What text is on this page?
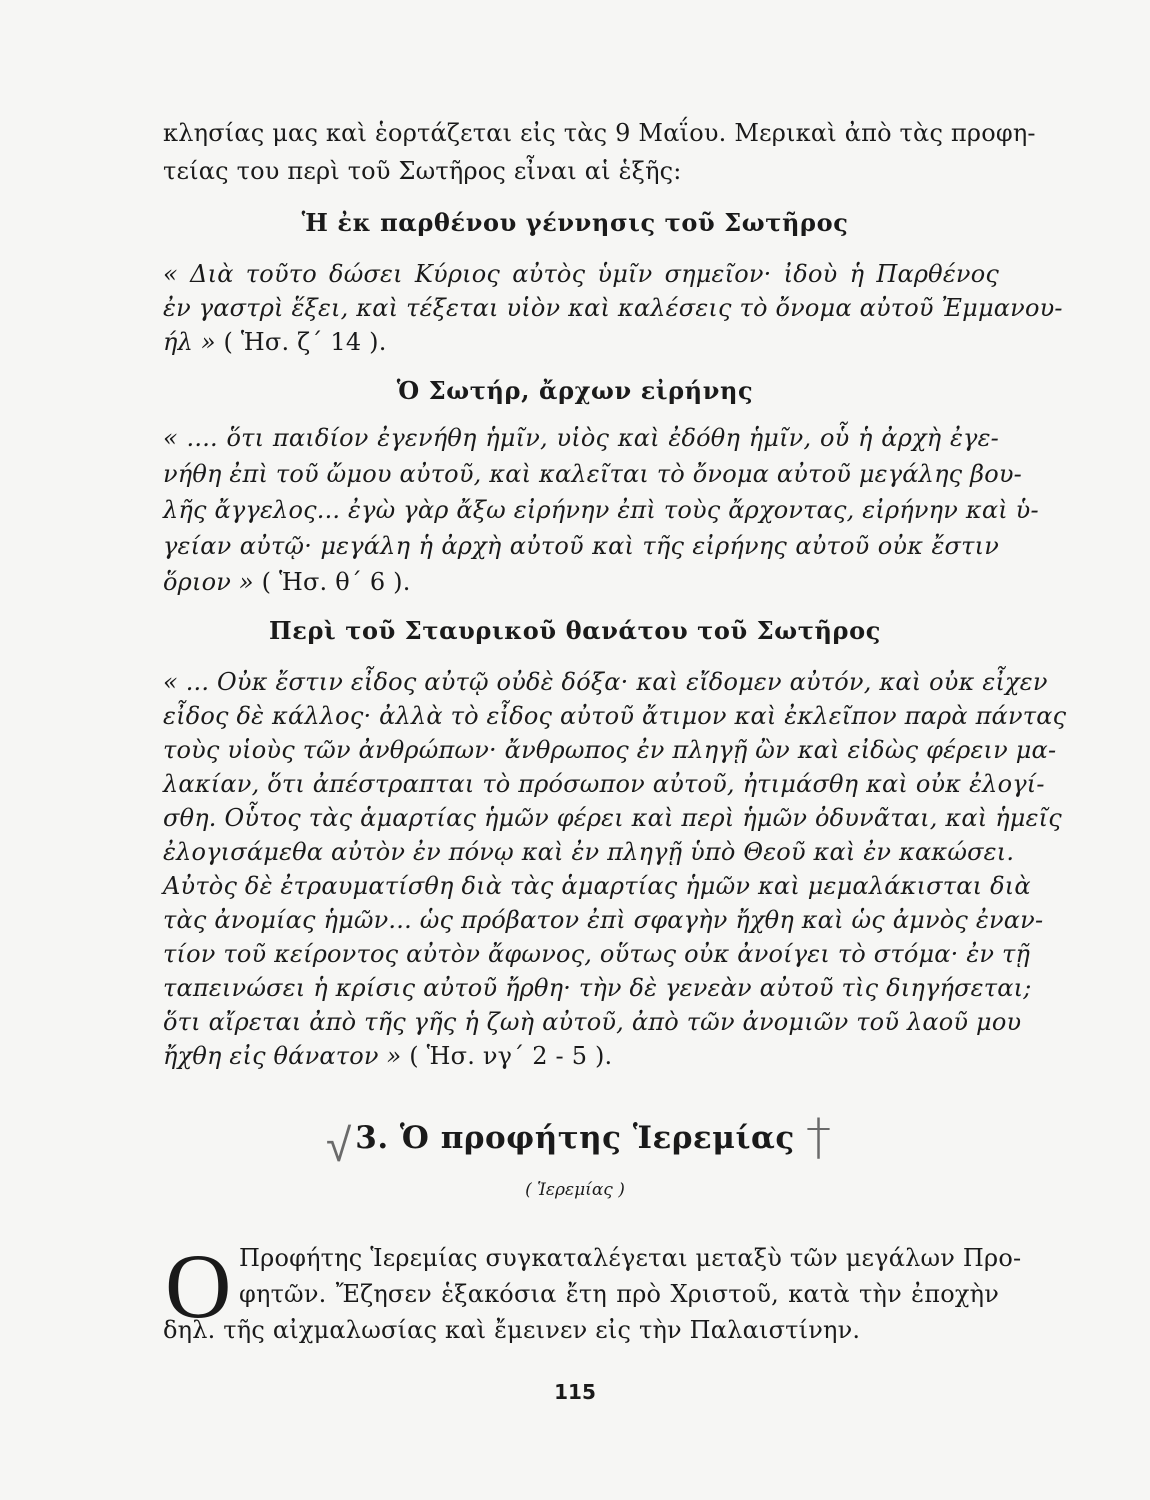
κλησίας μας καὶ ἑορτάζεται εἰς τὰς 9 Μαΐου. Μερικαὶ ἀπὸ τὰς προφη-
τείας του περὶ τοῦ Σωτῆρος εἶναι αἱ ἑξῆς:
Ἡ ἐκ παρθένου γέννησις τοῦ Σωτῆρος
« Διὰ τοῦτο δώσει Κύριος αὐτὸς ὑμῖν σημεῖον· ἰδοὺ ἡ Παρθένος
ἐν γαστρὶ ἕξει, καὶ τέξεται υἱὸν καὶ καλέσεις τὸ ὄνομα αὐτοῦ Ἐμμανου-
ήλ » ( Ἡσ. ζ΄ 14 ).
Ὁ Σωτήρ, ἄρχων εἰρήνης
« .... ὅτι παιδίον ἐγενήθη ἡμῖν, υἱὸς καὶ ἐδόθη ἡμῖν, οὗ ἡ ἀρχὴ ἐγε-
νήθη ἐπὶ τοῦ ὤμου αὐτοῦ, καὶ καλεῖται τὸ ὄνομα αὐτοῦ μεγάλης βου-
λῆς ἄγγελος... ἐγὼ γὰρ ἄξω εἰρήνην ἐπὶ τοὺς ἄρχοντας, εἰρήνην καὶ ὑ-
γείαν αὐτῷ· μεγάλη ἡ ἀρχὴ αὐτοῦ καὶ τῆς εἰρήνης αὐτοῦ οὐκ ἔστιν
ὅριον » ( Ἡσ. θ΄ 6 ).
Περὶ τοῦ Σταυρικοῦ θανάτου τοῦ Σωτῆρος
« ... Οὐκ ἔστιν εἶδος αὐτῷ οὐδὲ δόξα· καὶ εἴδομεν αὐτόν, καὶ οὐκ εἶχεν
εἶδος δὲ κάλλος· ἀλλὰ τὸ εἶδος αὐτοῦ ἄτιμον καὶ ἐκλεῖπον παρὰ πάντας
τοὺς υἱοὺς τῶν ἀνθρώπων· ἄνθρωπος ἐν πληγῇ ὢν καὶ εἰδὼς φέρειν μα-
λακίαν, ὅτι ἀπέστραπται τὸ πρόσωπον αὐτοῦ, ἠτιμάσθη καὶ οὐκ ἐλογί-
σθη. Οὗτος τὰς ἁμαρτίας ἡμῶν φέρει καὶ περὶ ἡμῶν ὀδυνᾶται, καὶ ἡμεῖς
ἐλογισάμεθα αὐτὸν ἐν πόνῳ καὶ ἐν πληγῇ ὑπὸ Θεοῦ καὶ ἐν κακώσει.
Αὐτὸς δὲ ἐτραυματίσθη διὰ τὰς ἁμαρτίας ἡμῶν καὶ μεμαλάκισται διὰ
τὰς ἀνομίας ἡμῶν... ὡς πρόβατον ἐπὶ σφαγὴν ἤχθη καὶ ὡς ἀμνὸς ἐναν-
τίον τοῦ κείροντος αὐτὸν ἄφωνος, οὕτως οὐκ ἀνοίγει τὸ στόμα· ἐν τῇ
ταπεινώσει ἡ κρίσις αὐτοῦ ἤρθη· τὴν δὲ γενεὰν αὐτοῦ τὶς διηγήσεται;
ὅτι αἴρεται ἀπὸ τῆς γῆς ἡ ζωὴ αὐτοῦ, ἀπὸ τῶν ἀνομιῶν τοῦ λαοῦ μου
ἤχθη εἰς θάνατον » ( Ἡσ. νγ΄ 2 - 5 ).
√ 3. Ὁ προφήτης Ἱερεμίας †
( Ἱερεμίας )
Ο Προφήτης Ἱερεμίας συγκαταλέγεται μεταξὺ τῶν μεγάλων Προ-
φητῶν. Ἔζησεν ἑξακόσια ἔτη πρὸ Χριστοῦ, κατὰ τὴν ἐποχὴν
δηλ. τῆς αἰχμαλωσίας καὶ ἔμεινεν εἰς τὴν Παλαιστίνην.
115
